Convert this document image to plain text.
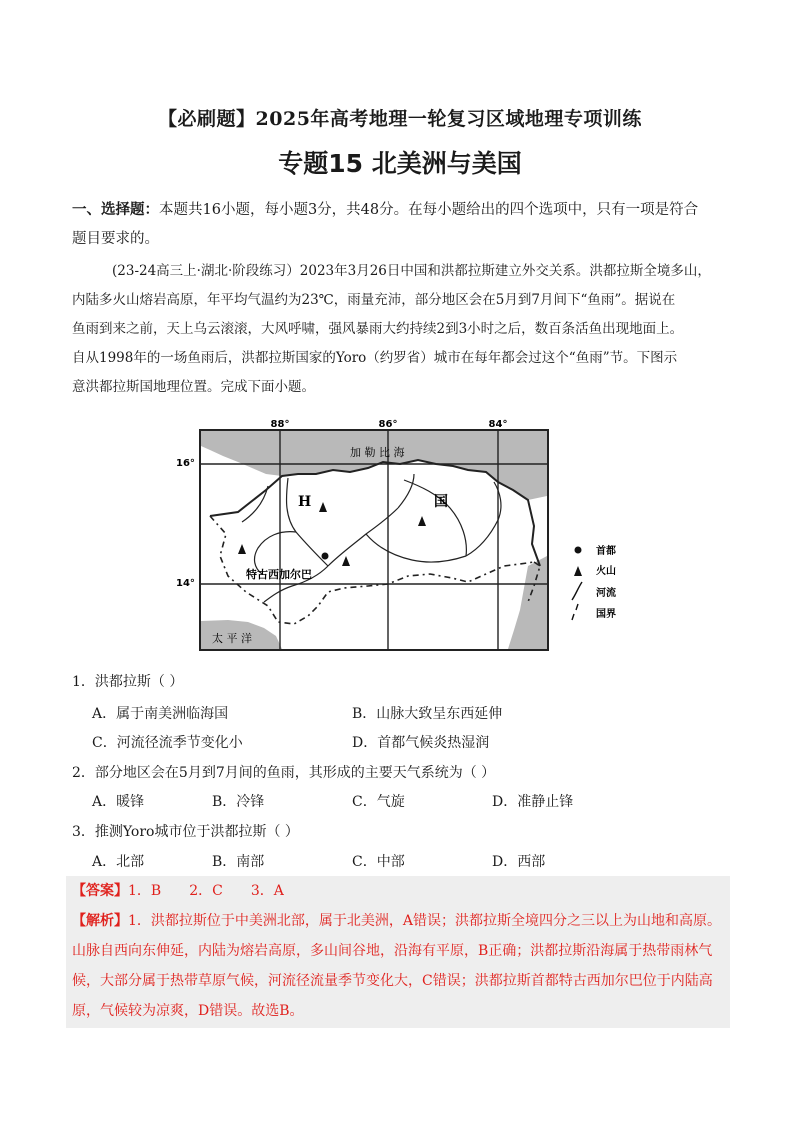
【必刷题】2025年高考地理一轮复习区域地理专项训练
专题15 北美洲与美国
一、选择题：本题共16小题，每小题3分，共48分。在每小题给出的四个选项中，只有一项是符合
题目要求的。
(23-24高三上·湖北·阶段练习）2023年3月26日中国和洪都拉斯建立外交关系。洪都拉斯全境多山，
内陆多火山熔岩高原，年平均气温约为23℃，雨量充沛，部分地区会在5月到7月间下“鱼雨”。据说在
鱼雨到来之前，天上乌云滚滚，大风呼啸，强风暴雨大约持续2到3小时之后，数百条活鱼出现地面上。
自从1998年的一场鱼雨后，洪都拉斯国家的Yoro（约罗省）城市在每年都会过这个“鱼雨”节。下图示
意洪都拉斯国地理位置。完成下面小题。
88°	86°	84°
16°
14°
H	国
加 勒 比 海
太 平 洋
特古西加尔巴
首都
火山
河流
国界
1．洪都拉斯（ ）
A．属于南美洲临海国	B．山脉大致呈东西延伸
C．河流径流季节变化小	D．首都气候炎热湿润
2．部分地区会在5月到7月间的鱼雨，其形成的主要天气系统为（ ）
A．暖锋	B．冷锋	C．气旋	D．准静止锋
3．推测Yoro城市位于洪都拉斯（ ）
A．北部	B．南部	C．中部	D．西部
【答案】1．B 2．C 3．A
【解析】1．洪都拉斯位于中美洲北部，属于北美洲，A错误；洪都拉斯全境四分之三以上为山地和高原。
山脉自西向东伸延，内陆为熔岩高原，多山间谷地，沿海有平原，B正确；洪都拉斯沿海属于热带雨林气
候，大部分属于热带草原气候，河流径流量季节变化大，C错误；洪都拉斯首都特古西加尔巴位于内陆高
原，气候较为凉爽，D错误。故选B。
